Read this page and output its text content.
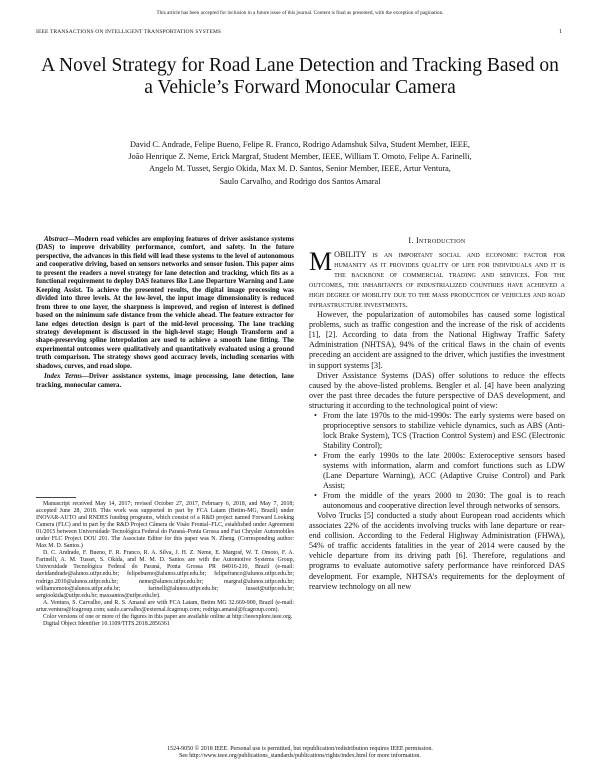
This article has been accepted for inclusion in a future issue of this journal. Content is final as presented, with the exception of pagination.
IEEE TRANSACTIONS ON INTELLIGENT TRANSPORTATION SYSTEMS	1
A Novel Strategy for Road Lane Detection and Tracking Based on a Vehicle’s Forward Monocular Camera
David C. Andrade, Felipe Bueno, Felipe R. Franco, Rodrigo Adamshuk Silva, Student Member, IEEE,
João Henrique Z. Neme, Erick Margraf, Student Member, IEEE, William T. Omoto, Felipe A. Farinelli,
Angelo M. Tusset, Sergio Okida, Max M. D. Santos, Senior Member, IEEE, Artur Ventura,
Saulo Carvalho, and Rodrigo dos Santos Amaral

Abstract—Modern road vehicles are employing features of driver assistance systems (DAS) to improve drivability performance, comfort, and safety. In the future perspective, the advances in this field will lead these systems to the level of autonomous and cooperative driving, based on sensors networks and sensor fusion. This paper aims to present the readers a novel strategy for lane detection and tracking, which fits as a functional requirement to deploy DAS features like Lane Departure Warning and Lane Keeping Assist. To achieve the presented results, the digital image processing was divided into three levels. At the low-level, the input image dimensionality is reduced from three to one layer, the sharpness is improved, and region of interest is defined based on the minimum safe distance from the vehicle ahead. The feature extractor for lane edges detection design is part of the mid-level processing. The lane tracking strategy development is discussed in the high-level stage; Hough Transform and a shape-preserving spline interpolation are used to achieve a smooth lane fitting. The experimental outcomes were qualitatively and quantitatively evaluated using a ground truth comparison. The strategy shows good accuracy levels, including scenarios with shadows, curves, and road slope.

Index Terms—Driver assistance systems, image processing, lane detection, lane tracking, monocular camera.

Manuscript received May 14, 2017; revised October 27, 2017, February 6, 2018, and May 7, 2018; accepted June 28, 2018. This work was supported in part by FCA Latam (Betim-MG, Brazil) under INOVAR-AUTO and RNDES funding programs, which consist of a R&D project named Forward Looking Camera (FLC) and in part by the R&D Project Câmera de Visão Frontal–FLC, established under Agreement 01/2015 between Universidade Tecnológica Federal do Paraná–Ponta Grossa and Fiat Chrysler Automobiles under FLC Project DOU 201. The Associate Editor for this paper was N. Zheng. (Corresponding author: Max M. D. Santos.)

D. C. Andrade, F. Bueno, F. R. Franco, R. A. Silva, J. H. Z. Neme, E. Margraf, W. T. Omoto, F. A. Farinelli, A. M. Tusset, S. Okida, and M. M. D. Santos are with the Automotive Systems Group, Universidade Tecnológica Federal do Paraná, Ponta Grossa PR 84016-210, Brazil (e-mail: davidandrade@alunos.utfpr.edu.br; felipebueno@alunos.utfpr.edu.br; felipefranco@alunos.utfpr.edu.br; rodrigo.2010@alunos.utfpr.edu.br; neme@alunos.utfpr.edu.br; margraf@alunos.utfpr.edu.br; williamomoto@alunos.utfpr.edu.br; farinelli@alunos.utfpr.edu.br; tusset@utfpr.edu.br; sergiookida@utfpr.edu.br; maxsantos@utfpr.edu.br).

A. Ventura, S. Carvalho, and R. S. Amaral are with FCA Latam, Betim MG 32.669-900, Brazil (e-mail: artur.ventura@fcagroup.com; saulo.carvalho@external.fcagroup.com; rodrigo.amaral@fcagroup.com).

Color versions of one or more of the figures in this paper are available online at http://ieeexplore.ieee.org.

Digital Object Identifier 10.1109/TITS.2018.2856361

I. Introduction

MOBILITY is an important social and economic factor for humanity as it provides quality of life for individuals and it is the backbone of commercial trading and services. For the outcomes, the inhabitants of industrialized countries have achieved a high degree of mobility due to the mass production of vehicles and road infrastructure investments.

However, the popularization of automobiles has caused some logistical problems, such as traffic congestion and the increase of the risk of accidents [1], [2]. According to data from the National Highway Traffic Safety Administration (NHTSA), 94% of the critical flaws in the chain of events preceding an accident are assigned to the driver, which justifies the investment in support systems [3].

Driver Assistance Systems (DAS) offer solutions to reduce the effects caused by the above-listed problems. Bengler et al. [4] have been analyzing over the past three decades the future perspective of DAS development, and structuring it according to the technological point of view:

• From the late 1970s to the mid-1990s: The early systems were based on proprioceptive sensors to stabilize vehicle dynamics, such as ABS (Anti-lock Brake System), TCS (Traction Control System) and ESC (Electronic Stability Control);
• From the early 1990s to the late 2000s: Exteroceptive sensors based systems with information, alarm and comfort functions such as LDW (Lane Departure Warning), ACC (Adaptive Cruise Control) and Park Assist;
• From the middle of the years 2000 to 2030: The goal is to reach autonomous and cooperative direction level through networks of sensors.

Volvo Trucks [5] conducted a study about European road accidents which associates 22% of the accidents involving trucks with lane departure or rear-end collision. According to the Federal Highway Administration (FHWA), 54% of traffic accidents fatalities in the year of 2014 were caused by the vehicle departure from its driving path [6]. Therefore, regulations and programs to evaluate automotive safety performance have reinforced DAS development. For example, NHTSA’s requirements for the deployment of rearview technology on all new

1524-9050 © 2018 IEEE. Personal use is permitted, but republication/redistribution requires IEEE permission.
See http://www.ieee.org/publications_standards/publications/rights/index.html for more information.
